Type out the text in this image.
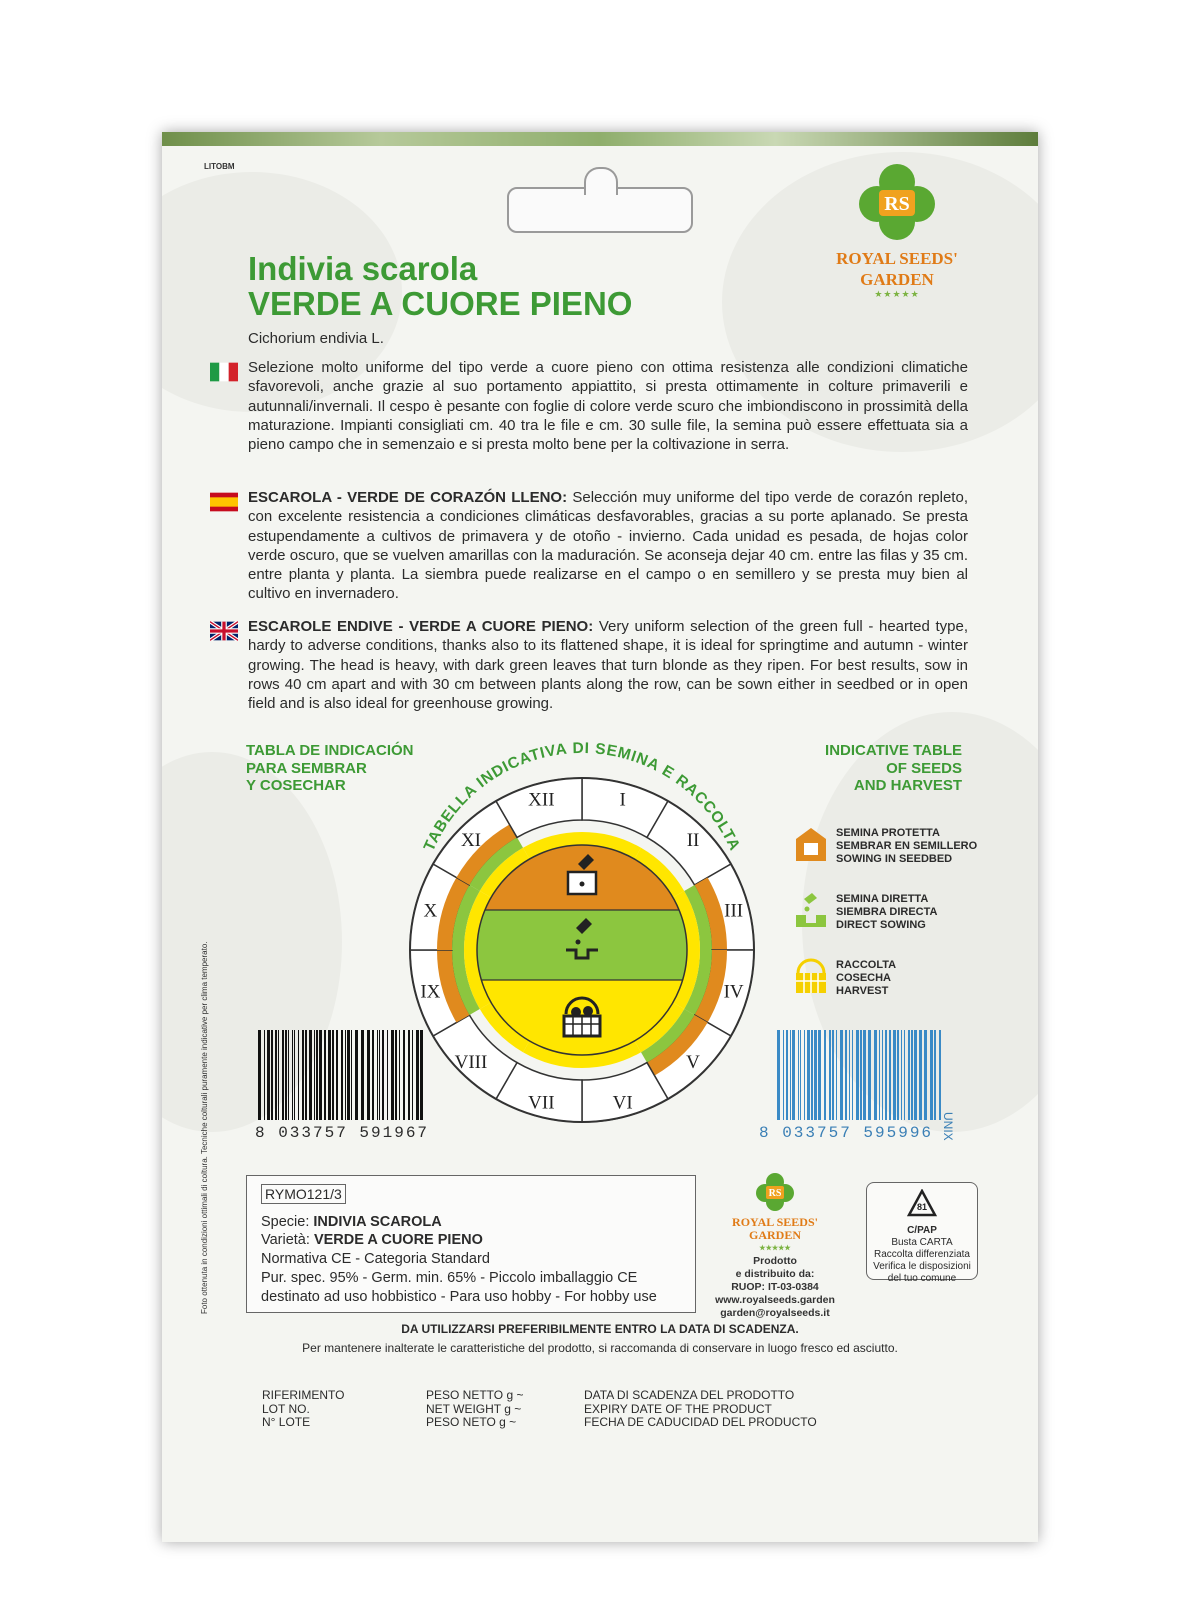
LITOBM
RS
ROYAL SEEDS'
GARDEN
★★★★★
Indivia scarola
VERDE A CUORE PIENO
Cichorium endivia L.
Selezione molto uniforme del tipo verde a cuore pieno con ottima resistenza alle condizioni climatiche sfavorevoli, anche grazie al suo portamento appiattito, si presta ottimamente in colture primaverili e autunnali/invernali. Il cespo è pesante con foglie di colore verde scuro che imbiondiscono in prossimità della maturazione. Impianti consigliati cm. 40 tra le file e cm. 30 sulle file, la semina può essere effettuata sia a pieno campo che in semenzaio e si presta molto bene per la coltivazione in serra.
ESCAROLA - VERDE DE CORAZÓN LLENO: Selección muy uniforme del tipo verde de corazón repleto, con excelente resistencia a condiciones climáticas desfavorables, gracias a su porte aplanado. Se presta estupendamente a cultivos de primavera y de otoño - invierno. Cada unidad es pesada, de hojas color verde oscuro, que se vuelven amarillas con la maduración. Se aconseja dejar 40 cm. entre las filas y 35 cm. entre planta y planta. La siembra puede realizarse en el campo o en semillero y se presta muy bien al cultivo en invernadero.
ESCAROLE ENDIVE - VERDE A CUORE PIENO: Very uniform selection of the green full - hearted type, hardy to adverse conditions, thanks also to its flattened shape, it is ideal for springtime and autumn - winter growing. The head is heavy, with dark green leaves that turn blonde as they ripen. For best results, sow in rows 40 cm apart and with 30 cm between plants along the row, can be sown either in seedbed or in open field and is also ideal for greenhouse growing.
TABLA DE INDICACIÓN
PARA SEMBRAR
Y COSECHAR
INDICATIVE TABLE
OF SEEDS
AND HARVEST
TABELLA INDICATIVA DI SEMINA E RACCOLTA
I
II
III
IV
V
VI
VII
VIII
IX
X
XI
XII
SEMINA PROTETTA
SEMBRAR EN SEMILLERO
SOWING IN SEEDBED
SEMINA DIRETTA
SIEMBRA DIRECTA
DIRECT SOWING
RACCOLTA
COSECHA
HARVEST
8 033757 591967	8 033757 595996 UNIX
Foto ottenuta in condizioni ottimali di coltura. Tecniche colturali puramente indicative per clima temperato.	RYMO121/3
Specie: INDIVIA SCAROLA
Varietà: VERDE A CUORE PIENO
Normativa CE - Categoria Standard
Pur. spec. 95% - Germ. min. 65% - Piccolo imballaggio CE
destinato ad uso hobbistico - Para uso hobby - For hobby use
RS
ROYAL SEEDS'
GARDEN
★★★★★
Prodotto
e distribuito da:
RUOP: IT-03-0384
www.royalseeds.garden
garden@royalseeds.it
81
C/PAP
Busta CARTA
Raccolta differenziata
Verifica le disposizioni
del tuo comune
DA UTILIZZARSI PREFERIBILMENTE ENTRO LA DATA DI SCADENZA.
Per mantenere inalterate le caratteristiche del prodotto, si raccomanda di conservare in luogo fresco ed asciutto.
RIFERIMENTO
LOT NO.
N° LOTE
PESO NETTO g ~
NET WEIGHT g ~
PESO NETO g ~
DATA DI SCADENZA DEL PRODOTTO
EXPIRY DATE OF THE PRODUCT
FECHA DE CADUCIDAD DEL PRODUCTO
